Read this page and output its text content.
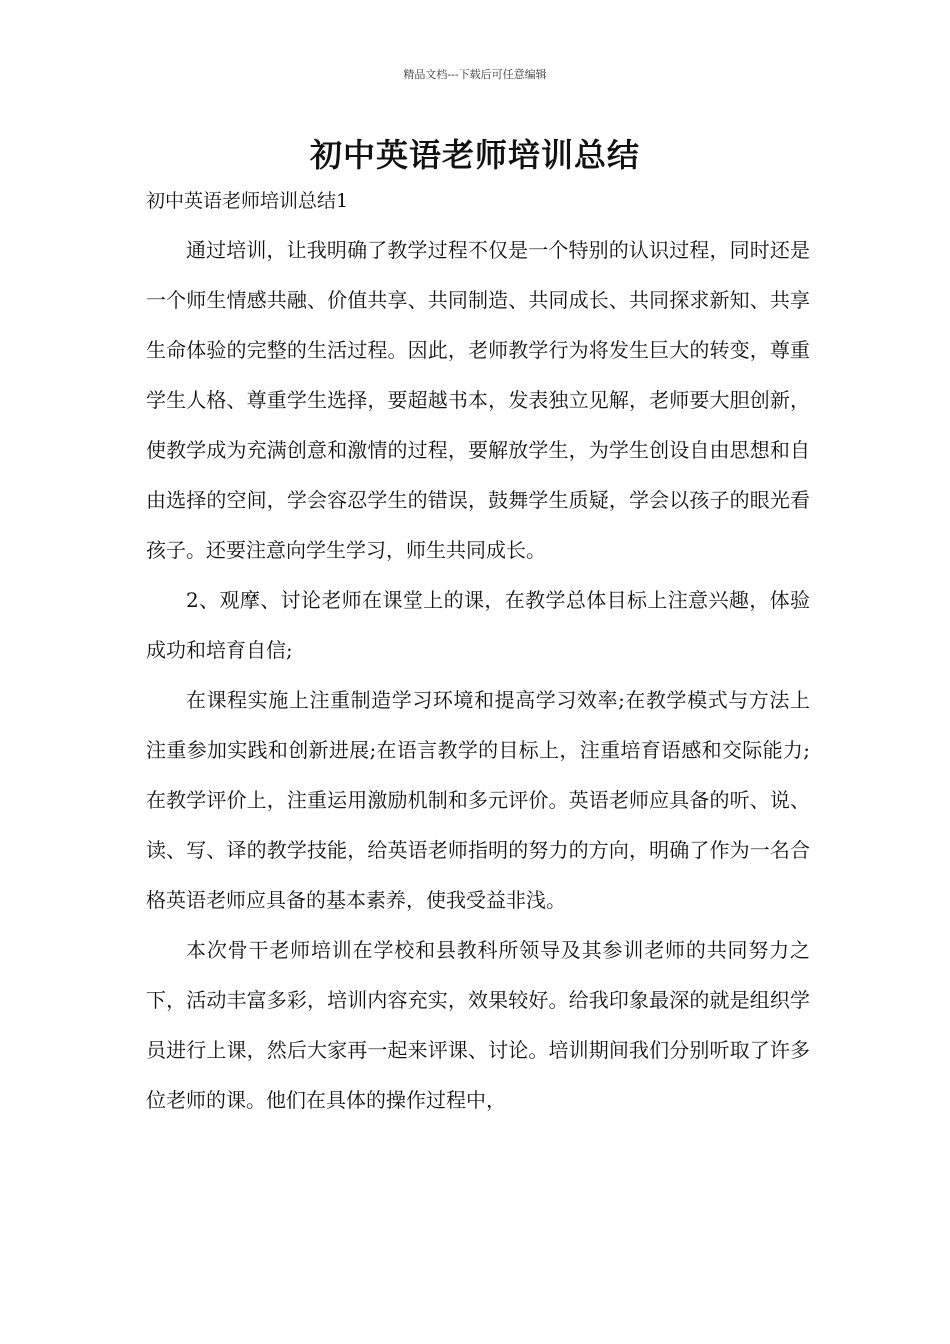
精品文档---下载后可任意编辑
初中英语老师培训总结
初中英语老师培训总结1

通过培训，让我明确了教学过程不仅是一个特别的认识过程，同时还是一个师生情感共融、价值共享、共同制造、共同成长、共同探求新知、共享生命体验的完整的生活过程。因此，老师教学行为将发生巨大的转变，尊重学生人格、尊重学生选择，要超越书本，发表独立见解，老师要大胆创新，使教学成为充满创意和激情的过程，要解放学生，为学生创设自由思想和自由选择的空间，学会容忍学生的错误，鼓舞学生质疑，学会以孩子的眼光看孩子。还要注意向学生学习，师生共同成长。

2、观摩、讨论老师在课堂上的课，在教学总体目标上注意兴趣，体验成功和培育自信;

在课程实施上注重制造学习环境和提高学习效率;在教学模式与方法上注重参加实践和创新进展;在语言教学的目标上，注重培育语感和交际能力;在教学评价上，注重运用激励机制和多元评价。英语老师应具备的听、说、读、写、译的教学技能，给英语老师指明的努力的方向，明确了作为一名合格英语老师应具备的基本素养，使我受益非浅。

本次骨干老师培训在学校和县教科所领导及其参训老师的共同努力之下，活动丰富多彩，培训内容充实，效果较好。给我印象最深的就是组织学员进行上课，然后大家再一起来评课、讨论。培训期间我们分别听取了许多位老师的课。他们在具体的操作过程中，
